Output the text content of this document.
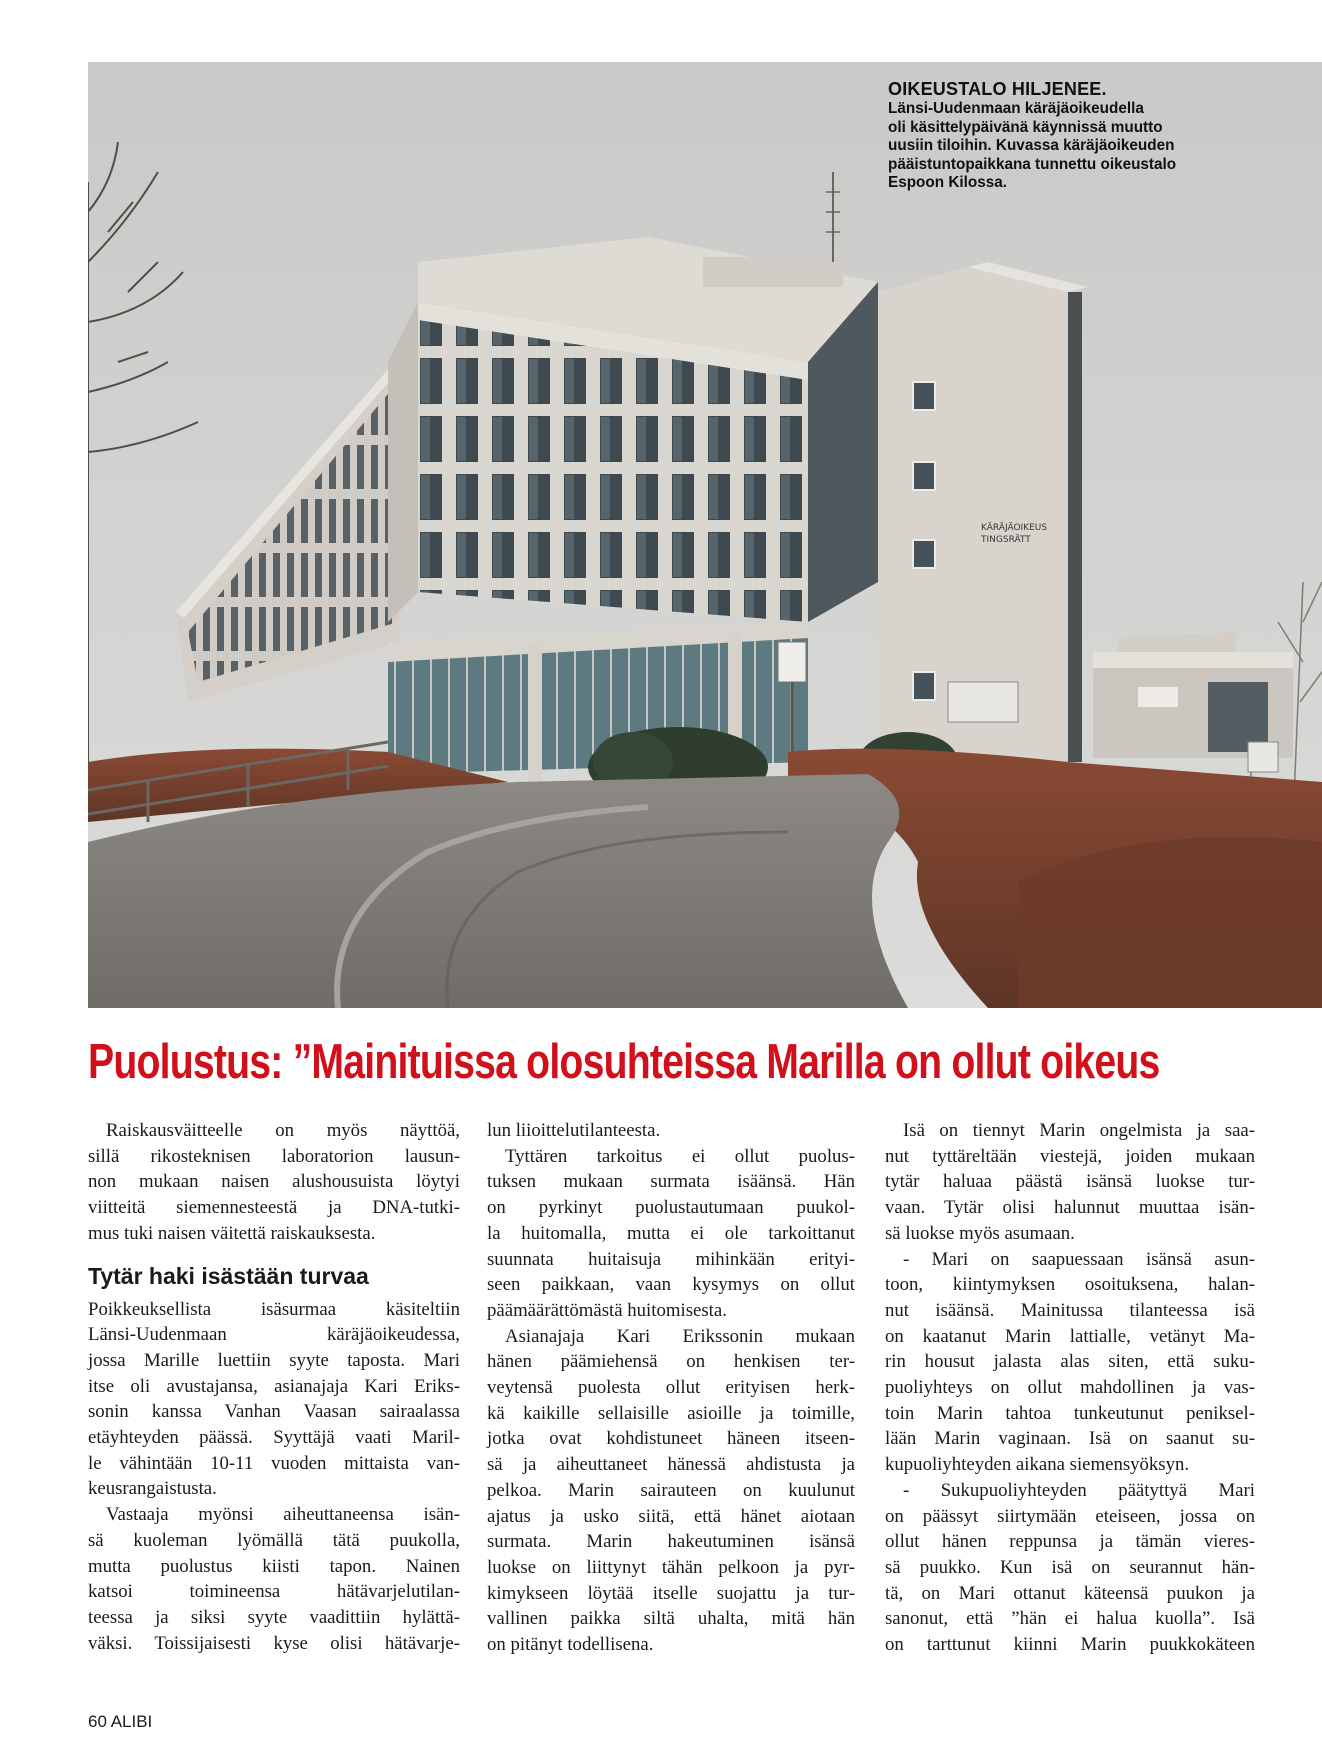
KÄRÄJÄOIKEUS
TINGSRÄTT
OIKEUSTALO HILJENEE.
Länsi-Uudenmaan käräjäoikeudella
oli käsittelypäivänä käynnissä muutto
uusiin tiloihin. Kuvassa käräjäoikeuden
pääistuntopaikkana tunnettu oikeustalo
Espoon Kilossa.
Puolustus: ”Mainituissa olosuhteissa Marilla on ollut oikeus
Raiskausväitteelle on myös näyttöä,
sillä rikosteknisen laboratorion lausun-
non mukaan naisen alushousuista löytyi
viitteitä siemennesteestä ja DNA-tutki-
mus tuki naisen väitettä raiskauksesta.
Tytär haki isästään turvaa
Poikkeuksellista isäsurmaa käsiteltiin
Länsi-Uudenmaan käräjäoikeudessa,
jossa Marille luettiin syyte taposta. Mari
itse oli avustajansa, asianajaja Kari Eriks-
sonin kanssa Vanhan Vaasan sairaalassa
etäyhteyden päässä. Syyttäjä vaati Maril-
le vähintään 10-11 vuoden mittaista van-
keusrangaistusta.
Vastaaja myönsi aiheuttaneensa isän-
sä kuoleman lyömällä tätä puukolla,
mutta puolustus kiisti tapon. Nainen
katsoi toimineensa hätävarjelutilan-
teessa ja siksi syyte vaadittiin hylättä-
väksi. Toissijaisesti kyse olisi hätävarje-
lun liioittelutilanteesta.
Tyttären tarkoitus ei ollut puolus-
tuksen mukaan surmata isäänsä. Hän
on pyrkinyt puolustautumaan puukol-
la huitomalla, mutta ei ole tarkoittanut
suunnata huitaisuja mihinkään erityi-
seen paikkaan, vaan kysymys on ollut
päämäärättömästä huitomisesta.
Asianajaja Kari Erikssonin mukaan
hänen päämiehensä on henkisen ter-
veytensä puolesta ollut erityisen herk-
kä kaikille sellaisille asioille ja toimille,
jotka ovat kohdistuneet häneen itseen-
sä ja aiheuttaneet hänessä ahdistusta ja
pelkoa. Marin sairauteen on kuulunut
ajatus ja usko siitä, että hänet aiotaan
surmata. Marin hakeutuminen isänsä
luokse on liittynyt tähän pelkoon ja pyr-
kimykseen löytää itselle suojattu ja tur-
vallinen paikka siltä uhalta, mitä hän
on pitänyt todellisena.
Isä on tiennyt Marin ongelmista ja saa-
nut tyttäreltään viestejä, joiden mukaan
tytär haluaa päästä isänsä luokse tur-
vaan. Tytär olisi halunnut muuttaa isän-
sä luokse myös asumaan.
- Mari on saapuessaan isänsä asun-
toon, kiintymyksen osoituksena, halan-
nut isäänsä. Mainitussa tilanteessa isä
on kaatanut Marin lattialle, vetänyt Ma-
rin housut jalasta alas siten, että suku-
puoliyhteys on ollut mahdollinen ja vas-
toin Marin tahtoa tunkeutunut peniksel-
lään Marin vaginaan. Isä on saanut su-
kupuoliyhteyden aikana siemensyöksyn.
- Sukupuoliyhteyden päätyttyä Mari
on päässyt siirtymään eteiseen, jossa on
ollut hänen reppunsa ja tämän vieres-
sä puukko. Kun isä on seurannut hän-
tä, on Mari ottanut käteensä puukon ja
sanonut, että ”hän ei halua kuolla”. Isä
on tarttunut kiinni Marin puukkokäteen
60 ALIBI
